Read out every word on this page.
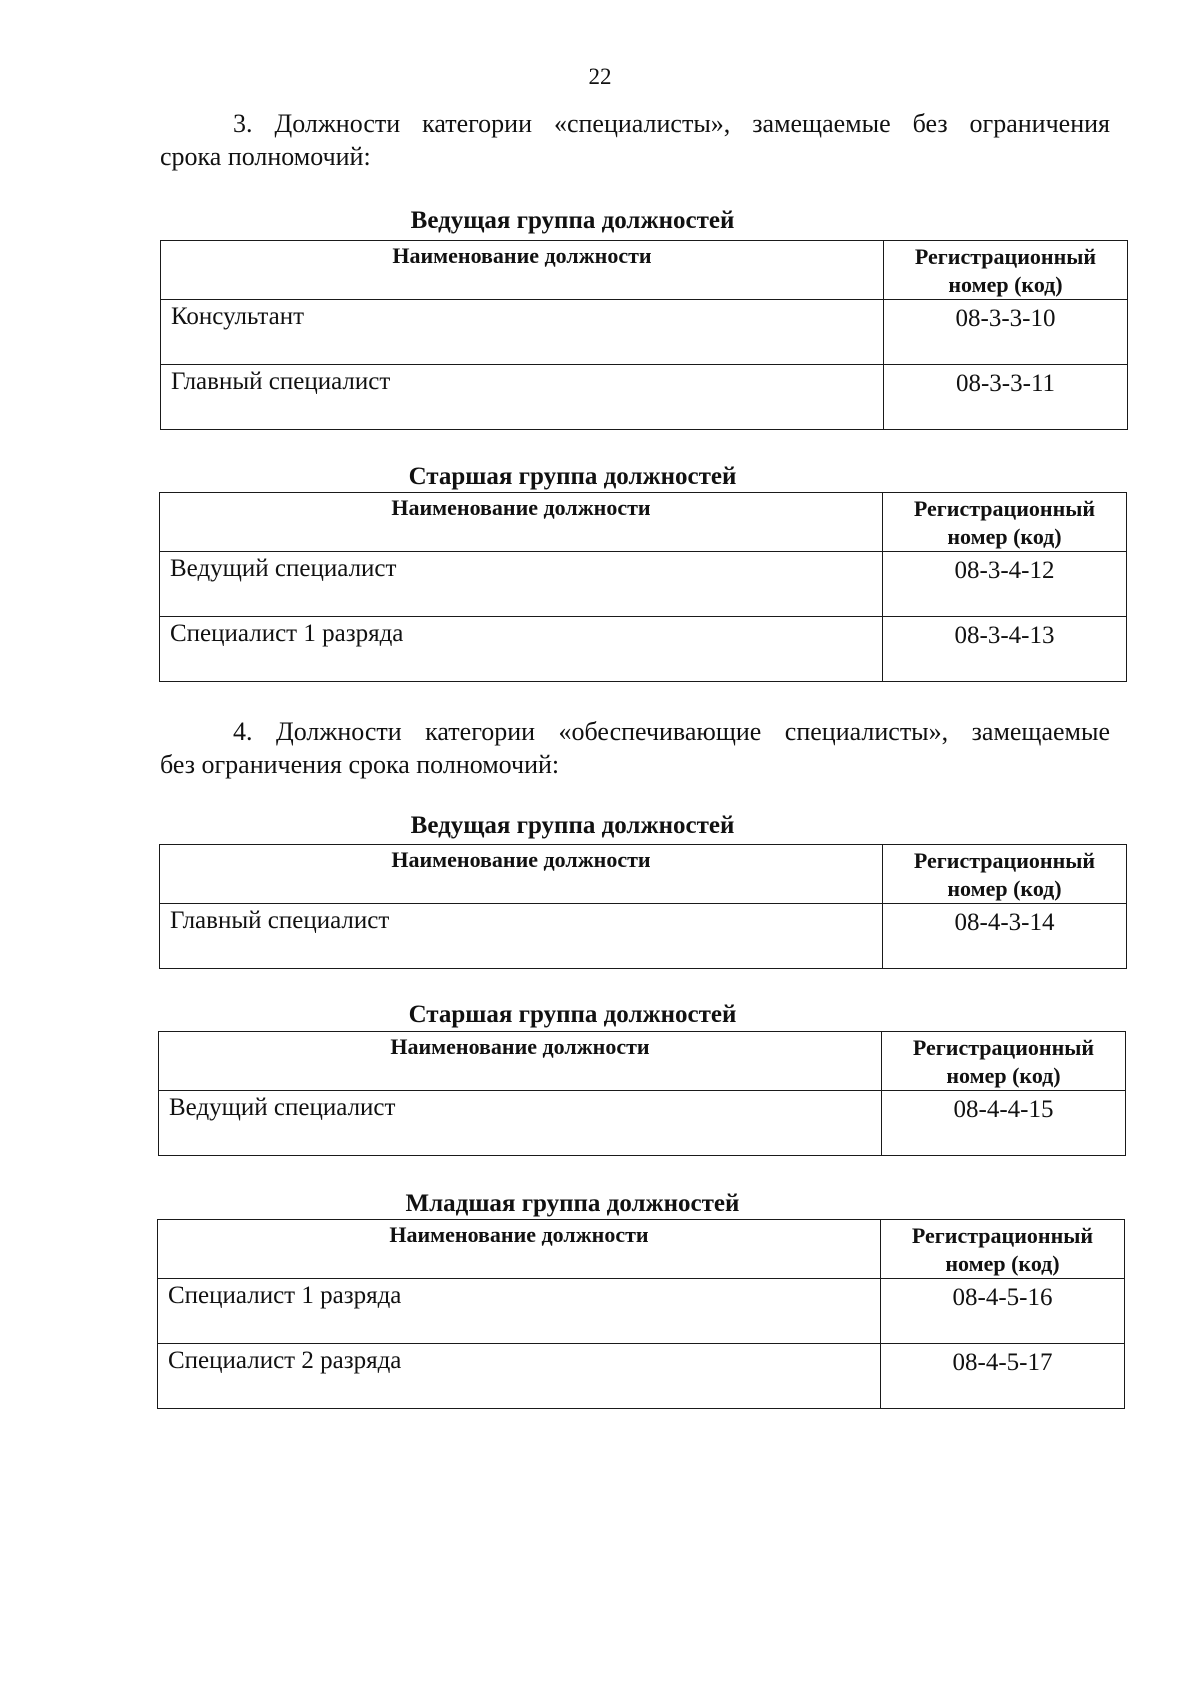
22
3. Должности категории «специалисты», замещаемые без ограничения
срока полномочий:
Ведущая группа должностей
Наименование должности	Регистрационный
номер (код)

Консультант	08-3-3-10
Главный специалист	08-3-3-11
Старшая группа должностей
Наименование должности	Регистрационный
номер (код)

Ведущий специалист	08-3-4-12
Специалист 1 разряда	08-3-4-13
4. Должности категории «обеспечивающие специалисты», замещаемые
без ограничения срока полномочий:
Ведущая группа должностей
Наименование должности	Регистрационный
номер (код)

Главный специалист	08-4-3-14
Старшая группа должностей
Наименование должности	Регистрационный
номер (код)

Ведущий специалист	08-4-4-15
Младшая группа должностей
Наименование должности	Регистрационный
номер (код)

Специалист 1 разряда	08-4-5-16
Специалист 2 разряда	08-4-5-17
